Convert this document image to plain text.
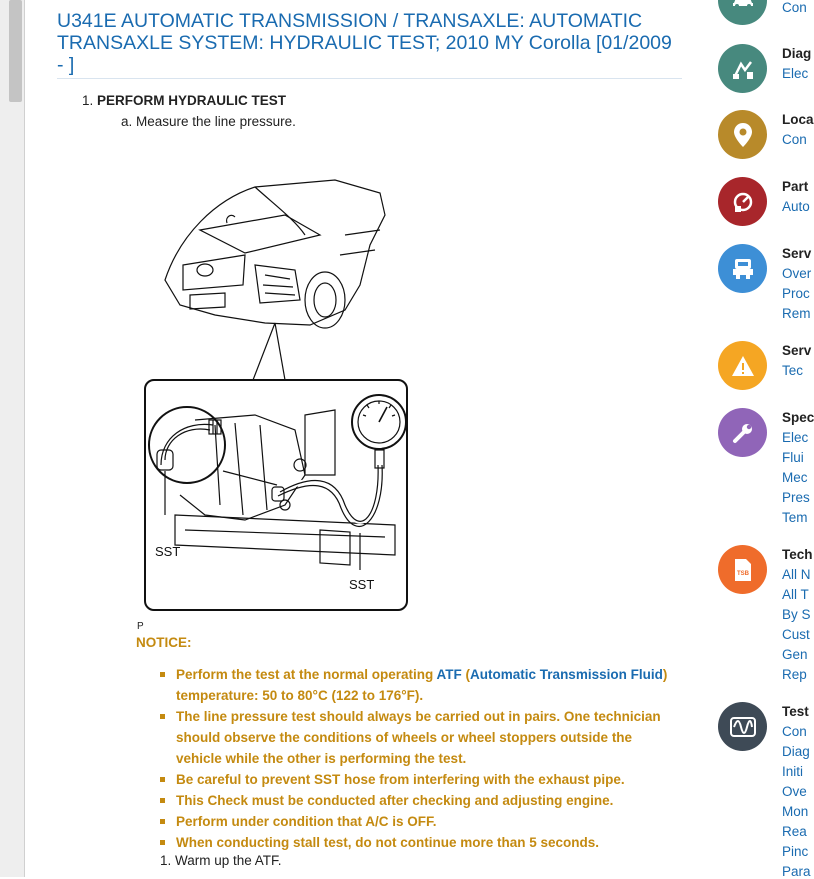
U341E AUTOMATIC TRANSMISSION / TRANSAXLE: AUTOMATIC TRANSAXLE SYSTEM: HYDRAULIC TEST; 2010 MY Corolla [01/2009 - ]
1. PERFORM HYDRAULIC TEST
a. Measure the line pressure.
SST
SST
P
NOTICE:
Perform the test at the normal operating ATF (Automatic Transmission Fluid)
temperature: 50 to 80°C (122 to 176°F).
The line pressure test should always be carried out in pairs. One technician should observe the conditions of wheels or wheel stoppers outside the vehicle while the other is performing the test.
Be careful to prevent SST hose from interfering with the exhaust pipe.
This Check must be conducted after checking and adjusting engine.
Perform under condition that A/C is OFF.
When conducting stall test, do not continue more than 5 seconds.
1. Warm up the ATF.
Con
Diag
Elec
Loca
Con
Part
Auto
Serv
Over
Proc
Rem
Serv
Tec
Spec
Elec
Flui
Mec
Pres
Tem
TSB
Tech
All N
All T
By S
Cust
Gen
Rep
Test
Con
Diag
Initi
Ove
Mon
Rea
Pinc
Para
